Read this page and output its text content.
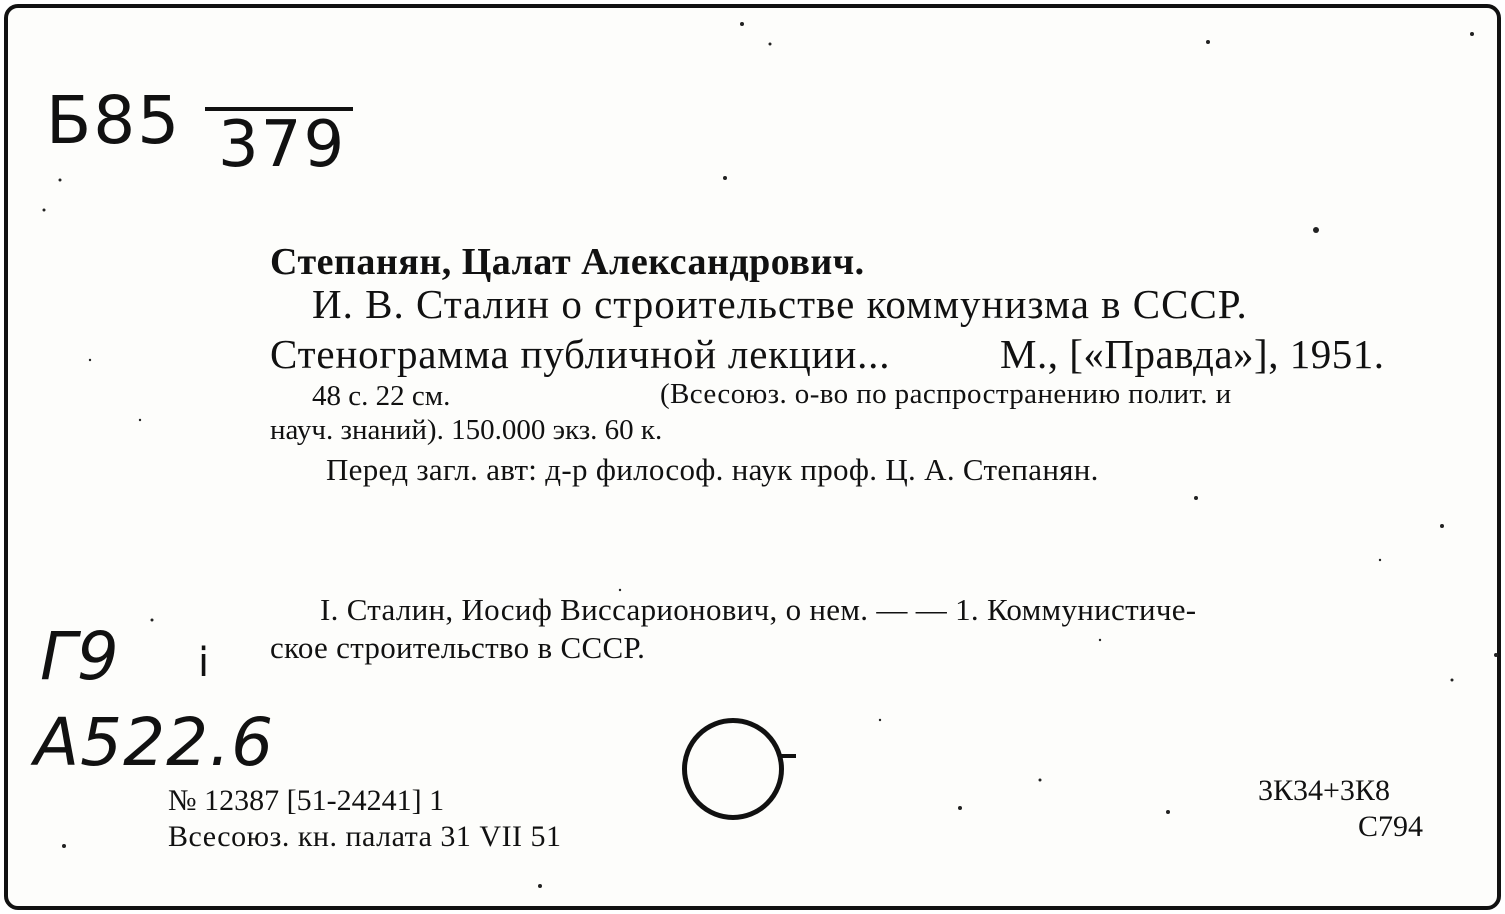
Б85 379
Степанян, Цалат Александрович.
И. В. Сталин о строительстве коммунизма в СССР.
Стенограмма публичной лекции...	М., [«Правда»], 1951.
48 с. 22 см.	(Всесоюз. о-во по распространению полит. и
науч. знаний). 150.000 экз. 60 к.
Перед загл. авт: д-р философ. наук проф. Ц. А. Степанян.
I. Сталин, Иосиф Виссарионович, о нем. — — 1. Коммунистиче-
ское строительство в СССР.
Г9 і
А522.6
№ 12387 [51-24241] 1
Всесоюз. кн. палата 31 VII 51
3К34+3К8
С794
